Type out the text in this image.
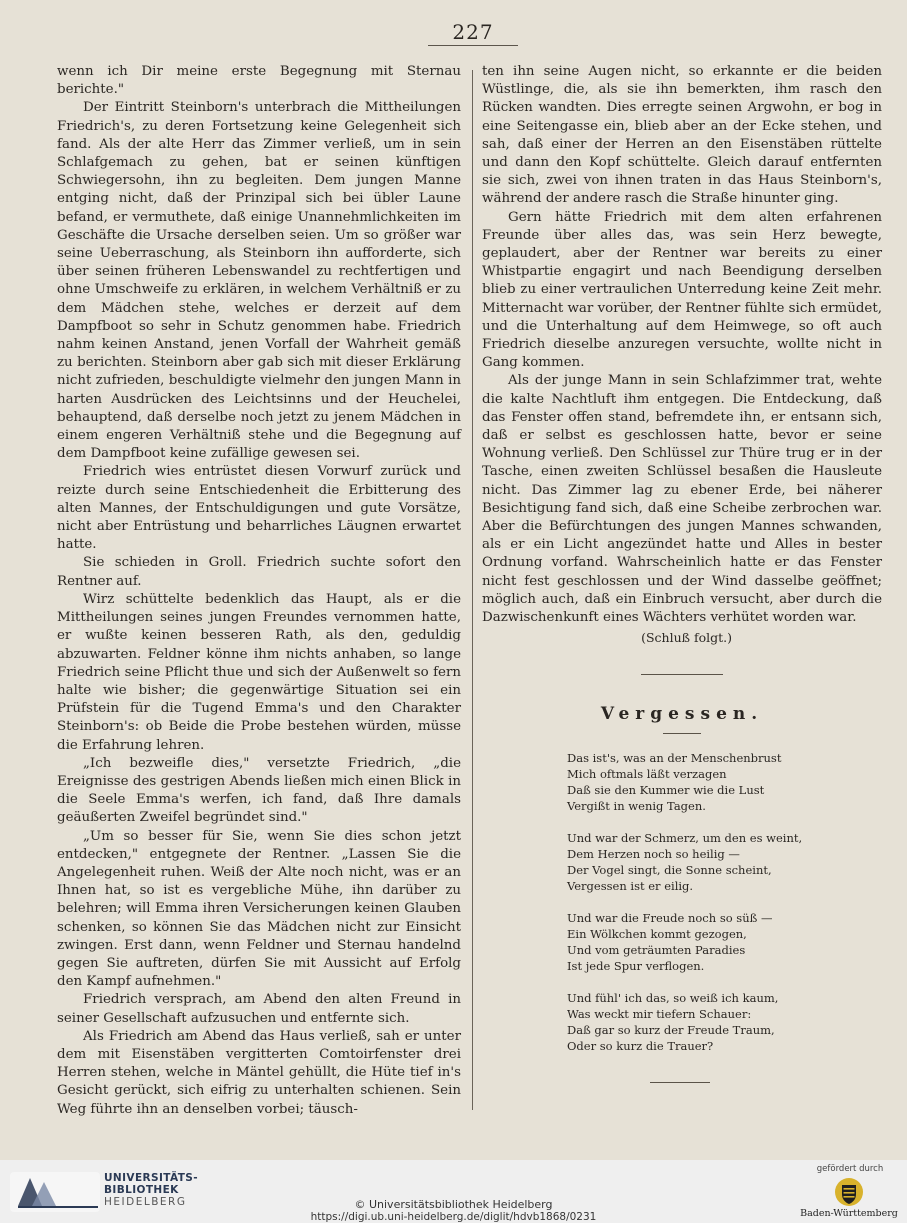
227

wenn ich Dir meine erste Begegnung mit Sternau berichte."

Der Eintritt Steinborn's unterbrach die Mittheilungen Friedrich's, zu deren Fortsetzung keine Gelegenheit sich fand. Als der alte Herr das Zimmer verließ, um in sein Schlafgemach zu gehen, bat er seinen künftigen Schwiegersohn, ihn zu begleiten. Dem jungen Manne entging nicht, daß der Prinzipal sich bei übler Laune befand, er vermuthete, daß einige Unannehmlichkeiten im Geschäfte die Ursache derselben seien. Um so größer war seine Ueberraschung, als Steinborn ihn aufforderte, sich über seinen früheren Lebenswandel zu rechtfertigen und ohne Umschweife zu erklären, in welchem Verhältniß er zu dem Mädchen stehe, welches er derzeit auf dem Dampfboot so sehr in Schutz genommen habe. Friedrich nahm keinen Anstand, jenen Vorfall der Wahrheit gemäß zu berichten. Steinborn aber gab sich mit dieser Erklärung nicht zufrieden, beschuldigte vielmehr den jungen Mann in harten Ausdrücken des Leichtsinns und der Heuchelei, behauptend, daß derselbe noch jetzt zu jenem Mädchen in einem engeren Verhältniß stehe und die Begegnung auf dem Dampfboot keine zufällige gewesen sei.

Friedrich wies entrüstet diesen Vorwurf zurück und reizte durch seine Entschiedenheit die Erbitterung des alten Mannes, der Entschuldigungen und gute Vorsätze, nicht aber Entrüstung und beharrliches Läugnen erwartet hatte.

Sie schieden in Groll. Friedrich suchte sofort den Rentner auf.

Wirz schüttelte bedenklich das Haupt, als er die Mittheilungen seines jungen Freundes vernommen hatte, er wußte keinen besseren Rath, als den, geduldig abzuwarten. Feldner könne ihm nichts anhaben, so lange Friedrich seine Pflicht thue und sich der Außenwelt so fern halte wie bisher; die gegenwärtige Situation sei ein Prüfstein für die Tugend Emma's und den Charakter Steinborn's: ob Beide die Probe bestehen würden, müsse die Erfahrung lehren.

„Ich bezweifle dies," versetzte Friedrich, „die Ereignisse des gestrigen Abends ließen mich einen Blick in die Seele Emma's werfen, ich fand, daß Ihre damals geäußerten Zweifel begründet sind."

„Um so besser für Sie, wenn Sie dies schon jetzt entdecken," entgegnete der Rentner. „Lassen Sie die Angelegenheit ruhen. Weiß der Alte noch nicht, was er an Ihnen hat, so ist es vergebliche Mühe, ihn darüber zu belehren; will Emma ihren Versicherungen keinen Glauben schenken, so können Sie das Mädchen nicht zur Einsicht zwingen. Erst dann, wenn Feldner und Sternau handelnd gegen Sie auftreten, dürfen Sie mit Aussicht auf Erfolg den Kampf aufnehmen."

Friedrich versprach, am Abend den alten Freund in seiner Gesellschaft aufzusuchen und entfernte sich.

Als Friedrich am Abend das Haus verließ, sah er unter dem mit Eisenstäben vergitterten Comtoirfenster drei Herren stehen, welche in Mäntel gehüllt, die Hüte tief in's Gesicht gerückt, sich eifrig zu unterhalten schienen. Sein Weg führte ihn an denselben vorbei; täusch-

ten ihn seine Augen nicht, so erkannte er die beiden Wüstlinge, die, als sie ihn bemerkten, ihm rasch den Rücken wandten. Dies erregte seinen Argwohn, er bog in eine Seitengasse ein, blieb aber an der Ecke stehen, und sah, daß einer der Herren an den Eisenstäben rüttelte und dann den Kopf schüttelte. Gleich darauf entfernten sie sich, zwei von ihnen traten in das Haus Steinborn's, während der andere rasch die Straße hinunter ging.

Gern hätte Friedrich mit dem alten erfahrenen Freunde über alles das, was sein Herz bewegte, geplaudert, aber der Rentner war bereits zu einer Whistpartie engagirt und nach Beendigung derselben blieb zu einer vertraulichen Unterredung keine Zeit mehr. Mitternacht war vorüber, der Rentner fühlte sich ermüdet, und die Unterhaltung auf dem Heimwege, so oft auch Friedrich dieselbe anzuregen versuchte, wollte nicht in Gang kommen.

Als der junge Mann in sein Schlafzimmer trat, wehte die kalte Nachtluft ihm entgegen. Die Entdeckung, daß das Fenster offen stand, befremdete ihn, er entsann sich, daß er selbst es geschlossen hatte, bevor er seine Wohnung verließ. Den Schlüssel zur Thüre trug er in der Tasche, einen zweiten Schlüssel besaßen die Hausleute nicht. Das Zimmer lag zu ebener Erde, bei näherer Besichtigung fand sich, daß eine Scheibe zerbrochen war. Aber die Befürchtungen des jungen Mannes schwanden, als er ein Licht angezündet hatte und Alles in bester Ordnung vorfand. Wahrscheinlich hatte er das Fenster nicht fest geschlossen und der Wind dasselbe geöffnet; möglich auch, daß ein Einbruch versucht, aber durch die Dazwischenkunft eines Wächters verhütet worden war.

(Schluß folgt.)
Vergessen.
Das ist's, was an der Menschenbrust
Mich oftmals läßt verzagen
Daß sie den Kummer wie die Lust
Vergißt in wenig Tagen.
Und war der Schmerz, um den es weint,
Dem Herzen noch so heilig —
Der Vogel singt, die Sonne scheint,
Vergessen ist er eilig.
Und war die Freude noch so süß —
Ein Wölkchen kommt gezogen,
Und vom geträumten Paradies
Ist jede Spur verflogen.
Und fühl' ich das, so weiß ich kaum,
Was weckt mir tiefern Schauer:
Daß gar so kurz der Freude Traum,
Oder so kurz die Trauer?
UNIVERSITÄTS-
BIBLIOTHEK
HEIDELBERG	© Universitätsbibliothek Heidelberg
https://digi.ub.uni-heidelberg.de/diglit/hdvb1868/0231
gefördert durch
Baden-Württemberg
